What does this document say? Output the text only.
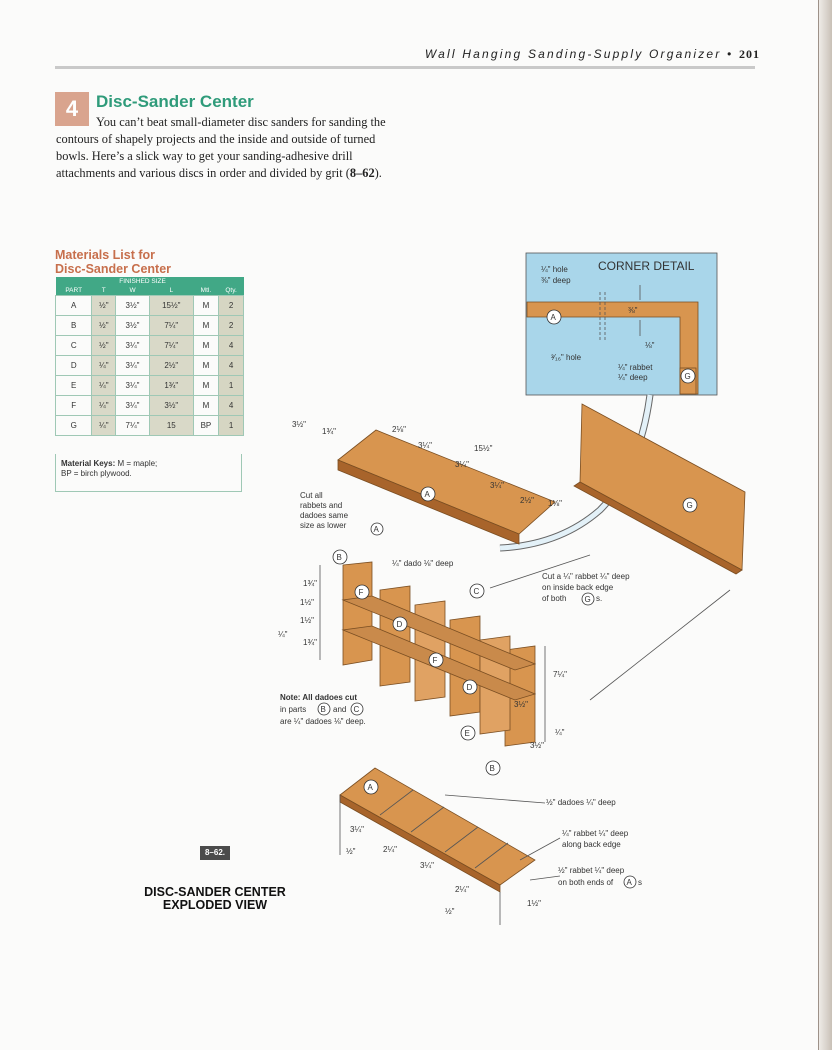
Wall Hanging Sanding-Supply Organizer • 201
4	Disc-Sander Center
You can’t beat small-diameter disc sanders for sanding the contours of shapely projects and the inside and outside of turned bowls. Here’s a slick way to get your sanding-adhesive drill attachments and various discs in order and divided by grit (8–62).
Materials List for
Disc-Sander Center
	FINISHED SIZE				
PART	T	W	L	Mtl.	Qty.
A	½"	3½"	15½"	M	2
B	½"	3½"	7¼"	M	2
C	½"	3¼"	7¼"	M	4
D	¼"	3¼"	2½"	M	4
E	¼"	3¼"	1¾"	M	1
F	¼"	3¼"	3½"	M	4
G	¼"	7¼"	15	BP	1
Material Keys: M = maple;
BP = birch plywood.
8–62.
DISC-SANDER CENTER
EXPLODED VIEW
CORNER DETAIL
¼" hole
⅜" deep
⅜"
⅛"
³⁄₁₆" hole
¼" rabbet
¼" deep
A
G
3½"
1¾"	2⅛"
3¼"	15½"
3¼"
3¼"
2½" 1⅛"
A
G
Cut all
rabbets and
dadoes same
size as lower	A
B
¼" dado ⅛" deep
Cut a ¼" rabbet ¼" deep
on inside back edge
of both G s.
1¾"
1½"
1½"
¼"
1¾"
F	C
D
F
D
E
B
Note: All dadoes cut
in parts B and C
are ¼" dadoes ⅛" deep.
7¼"
3½"
¼"
3½"
A
½" dadoes ¼" deep
¼" rabbet ¼" deep
along back edge
½" rabbet ¼" deep
on both ends of A s
3¼"
½"	2¼"
3¼"
2¼"
½"
1½"
